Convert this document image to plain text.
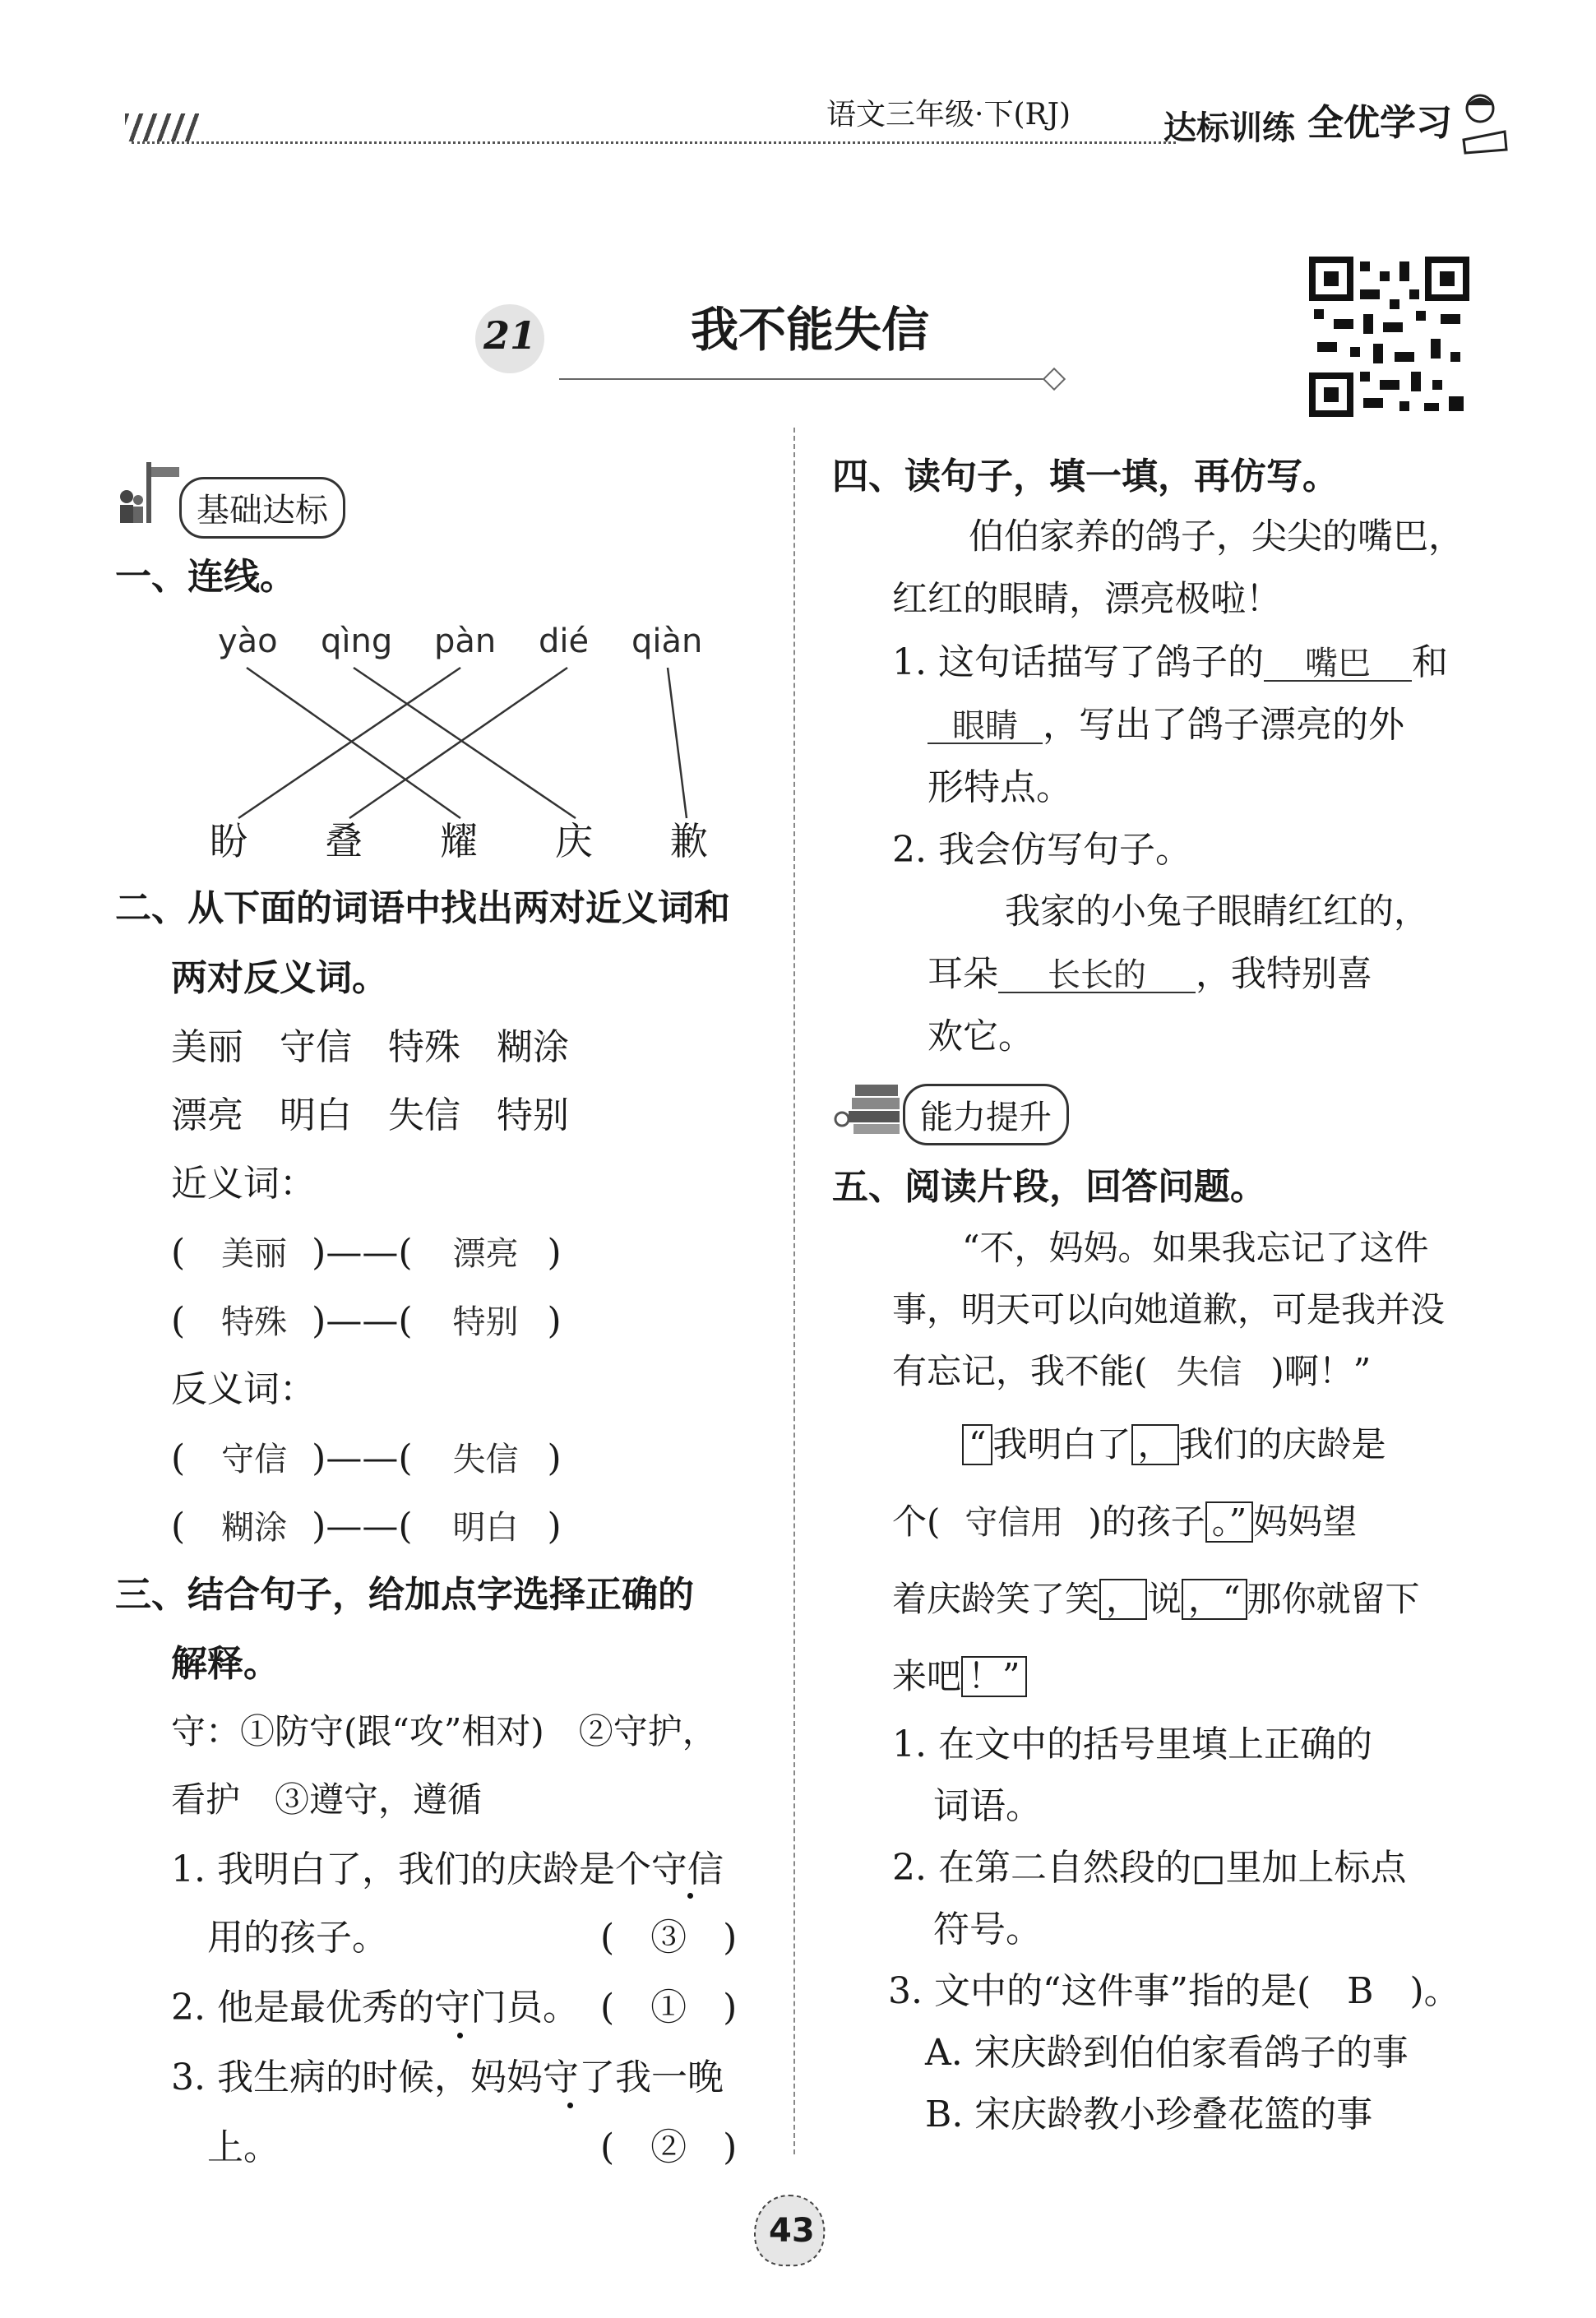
语文三年级·下(RJ)	达标训练 全优学习
21	我不能失信
基础达标
一、连线。
yào qìng pàn dié qiàn
盼 叠 耀 庆 歉
二、从下面的词语中找出两对近义词和
两对反义词。
美丽　守信　特殊　糊涂
漂亮　明白　失信　特别
近义词：
( 美丽 )——( 漂亮 )
( 特殊 )——( 特别 )
反义词：
( 守信 )——( 失信 )
( 糊涂 )——( 明白 )
三、结合句子，给加点字选择正确的
解释。
守：①防守(跟“攻”相对)　②守护，
看护　③遵守，遵循
1. 我明白了，我们的庆龄是个守信
用的孩子。	(　③　)
2. 他是最优秀的守门员。 (　①　)
3. 我生病的时候，妈妈守了我一晚
上。	(　②　)
四、读句子，填一填，再仿写。
伯伯家养的鸽子，尖尖的嘴巴，
红红的眼睛，漂亮极啦！
1. 这句话描写了鸽子的 嘴巴 和
眼睛 ，写出了鸽子漂亮的外
形特点。
2. 我会仿写句子。
我家的小兔子眼睛红红的，
耳朵 长长的 ，我特别喜
欢它。
能力提升
五、阅读片段，回答问题。
“不，妈妈。如果我忘记了这件
事，明天可以向她道歉，可是我并没
有忘记，我不能( 失信 )啊！”
“ 我明白了 ， 我们的庆龄是
个( 守信用 )的孩子 。” 妈妈望
着庆龄笑了笑 ， 说 ，“ 那你就留下
来吧 ！”
1. 在文中的括号里填上正确的
词语。
2. 在第二自然段的□里加上标点
符号。
3. 文中的“这件事”指的是(　B　)。
A. 宋庆龄到伯伯家看鸽子的事
B. 宋庆龄教小珍叠花篮的事
43
